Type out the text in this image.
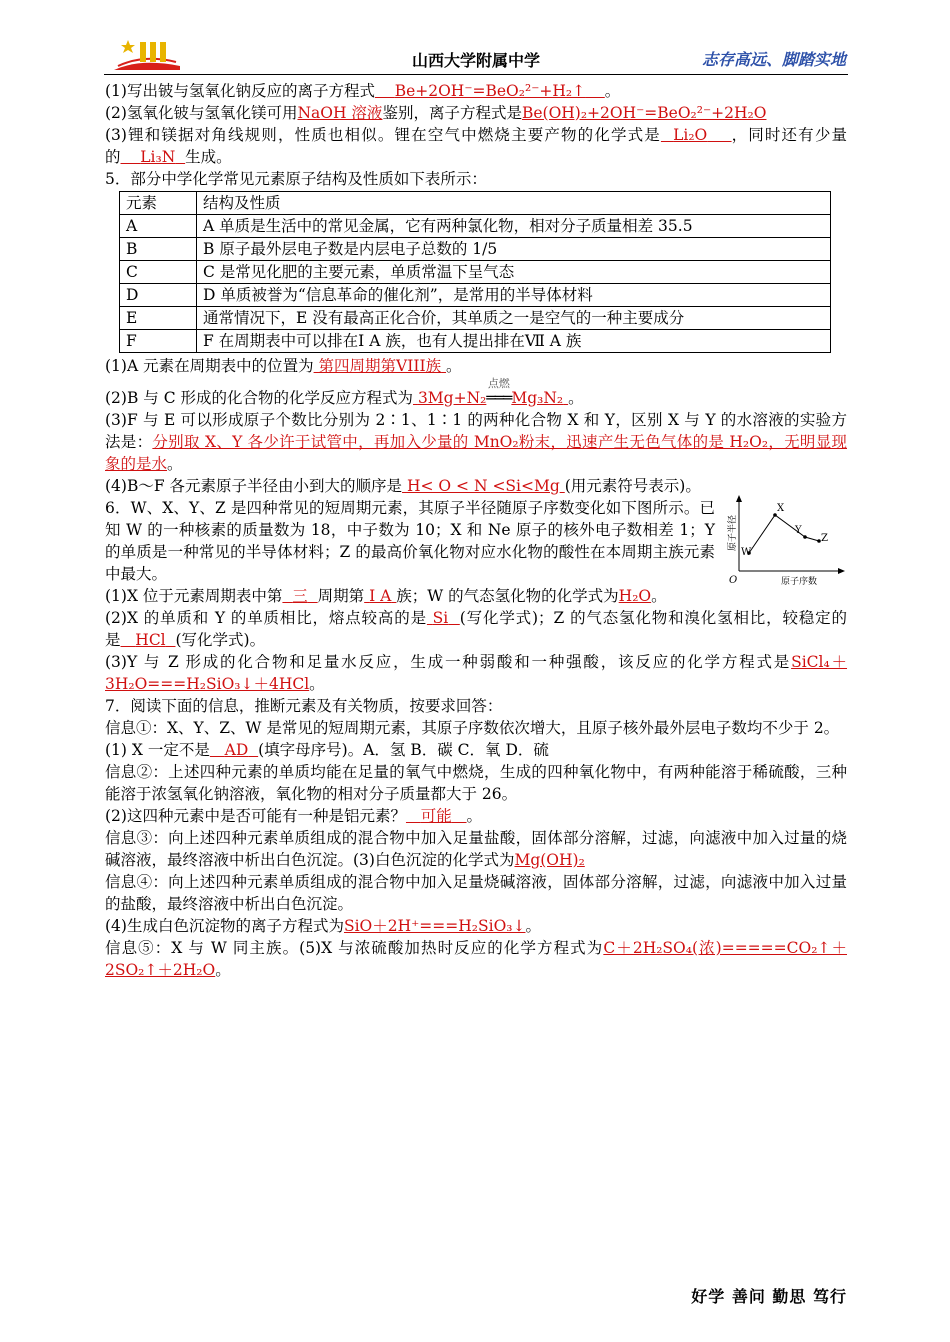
山西大学附属中学	志存高远、脚踏实地

(1)写出铍与氢氧化钠反应的离子方程式 Be+2OH⁻=BeO₂²⁻+H₂↑ 。

(2)氢氧化铍与氢氧化镁可用NaOH 溶液鉴别，离子方程式是Be(OH)₂+2OH⁻=BeO₂²⁻+2H₂O

(3)锂和镁据对角线规则，性质也相似。锂在空气中燃烧主要产物的化学式是 Li₂O ，同时还有少量的 Li₃N 生成。

5．部分中学化学常见元素原子结构及性质如下表所示：

元素	结构及性质
A	A 单质是生活中的常见金属，它有两种氯化物，相对分子质量相差 35.5
B	B 原子最外层电子数是内层电子总数的 1/5
C	C 是常见化肥的主要元素，单质常温下呈气态
D	D 单质被誉为“信息革命的催化剂”，是常用的半导体材料
E	通常情况下，E 没有最高正化合价，其单质之一是空气的一种主要成分
F	F 在周期表中可以排在Ⅰ A 族，也有人提出排在Ⅶ A 族

(1)A 元素在周期表中的位置为 第四周期第VIII族 。

(2)B 与 C 形成的化合物的化学反应方程式为 3Mg+N₂
点燃
═══Mg₃N₂ 。

(3)F 与 E 可以形成原子个数比分别为 2∶1、1∶1 的两种化合物 X 和 Y，区别 X 与 Y 的水溶液的实验方法是：分别取 X、Y 各少许于试管中，再加入少量的 MnO₂粉末，迅速产生无色气体的是 H₂O₂，无明显现象的是水。

(4)B～F 各元素原子半径由小到大的顺序是 H< O < N <Si<Mg (用元素符号表示)。

6．W、X、Y、Z 是四种常见的短周期元素，其原子半径随原子序数变化如下图所示。已知 W 的一种核素的质量数为 18，中子数为 10；X 和 Ne 原子的核外电子数相差 1；Y 的单质是一种常见的半导体材料；Z 的最高价氧化物对应水化物的酸性在本周期主族元素中最大。

W
X
Y
Z
O	原子序数
原子半径

(1)X 位于元素周期表中第 三 周期第 Ⅰ A 族；W 的气态氢化物的化学式为H₂O。

(2)X 的单质和 Y 的单质相比，熔点较高的是 Si (写化学式)；Z 的气态氢化物和溴化氢相比，较稳定的是 HCl (写化学式)。

(3)Y 与 Z 形成的化合物和足量水反应，生成一种弱酸和一种强酸，该反应的化学方程式是SiCl₄＋3H₂O===H₂SiO₃↓＋4HCl。

7．阅读下面的信息，推断元素及有关物质，按要求回答：

信息①：X、Y、Z、W 是常见的短周期元素，其原子序数依次增大，且原子核外最外层电子数均不少于 2。

(1) X 一定不是 AD (填字母序号)。A．氢 B．碳 C．氧 D．硫

信息②：上述四种元素的单质均能在足量的氧气中燃烧，生成的四种氧化物中，有两种能溶于稀硫酸，三种能溶于浓氢氧化钠溶液，氧化物的相对分子质量都大于 26。

(2)这四种元素中是否可能有一种是铝元素？ 可能 。

信息③：向上述四种元素单质组成的混合物中加入足量盐酸，固体部分溶解，过滤，向滤液中加入过量的烧碱溶液，最终溶液中析出白色沉淀。(3)白色沉淀的化学式为Mg(OH)₂

信息④：向上述四种元素单质组成的混合物中加入足量烧碱溶液，固体部分溶解，过滤，向滤液中加入过量的盐酸，最终溶液中析出白色沉淀。

(4)生成白色沉淀物的离子方程式为SiO＋2H⁺===H₂SiO₃↓。

信息⑤：X 与 W 同主族。(5)X 与浓硫酸加热时反应的化学方程式为C＋2H₂SO₄(浓)=====CO₂↑＋2SO₂↑＋2H₂O。

好学 善问 勤思 笃行
